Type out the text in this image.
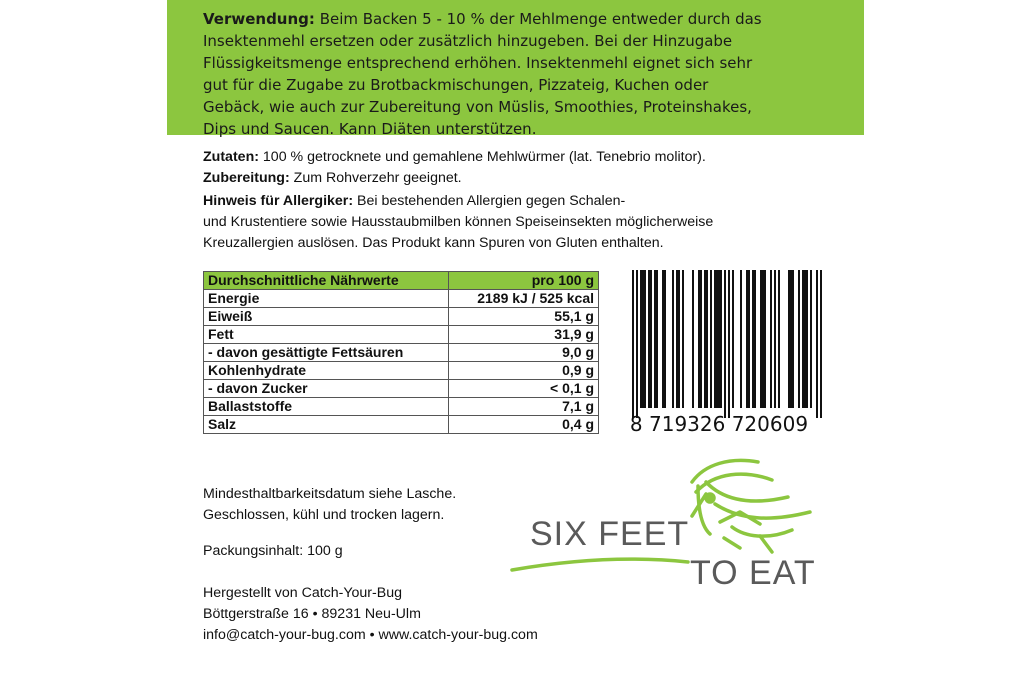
Verwendung: Beim Backen 5 - 10 % der Mehlmenge entweder durch das
Insektenmehl ersetzen oder zusätzlich hinzugeben. Bei der Hinzugabe
Flüssigkeitsmenge entsprechend erhöhen. Insektenmehl eignet sich sehr
gut für die Zugabe zu Brotbackmischungen, Pizzateig, Kuchen oder
Gebäck, wie auch zur Zubereitung von Müslis, Smoothies, Proteinshakes,
Dips und Saucen. Kann Diäten unterstützen.
Zutaten: 100 % getrocknete und gemahlene Mehlwürmer (lat. Tenebrio molitor).
Zubereitung: Zum Rohverzehr geeignet.
Hinweis für Allergiker: Bei bestehenden Allergien gegen Schalen-
und Krustentiere sowie Hausstaubmilben können Speiseinsekten möglicherweise
Kreuzallergien auslösen. Das Produkt kann Spuren von Gluten enthalten.
Durchschnittliche Nährwerte	pro 100 g
Energie	2189 kJ / 525 kcal
Eiweiß	55,1 g
Fett	31,9 g
- davon gesättigte Fettsäuren	9,0 g
Kohlenhydrate	0,9 g
- davon Zucker	< 0,1 g
Ballaststoffe	7,1 g
Salz	0,4 g 8 719326 720609
Mindesthaltbarkeitsdatum siehe Lasche.
Geschlossen, kühl und trocken lagern.
Packungsinhalt: 100 g
Hergestellt von Catch-Your-Bug
Böttgerstraße 16 • 89231 Neu-Ulm
info@catch-your-bug.com • www.catch-your-bug.com
SIX FEET
TO EAT
